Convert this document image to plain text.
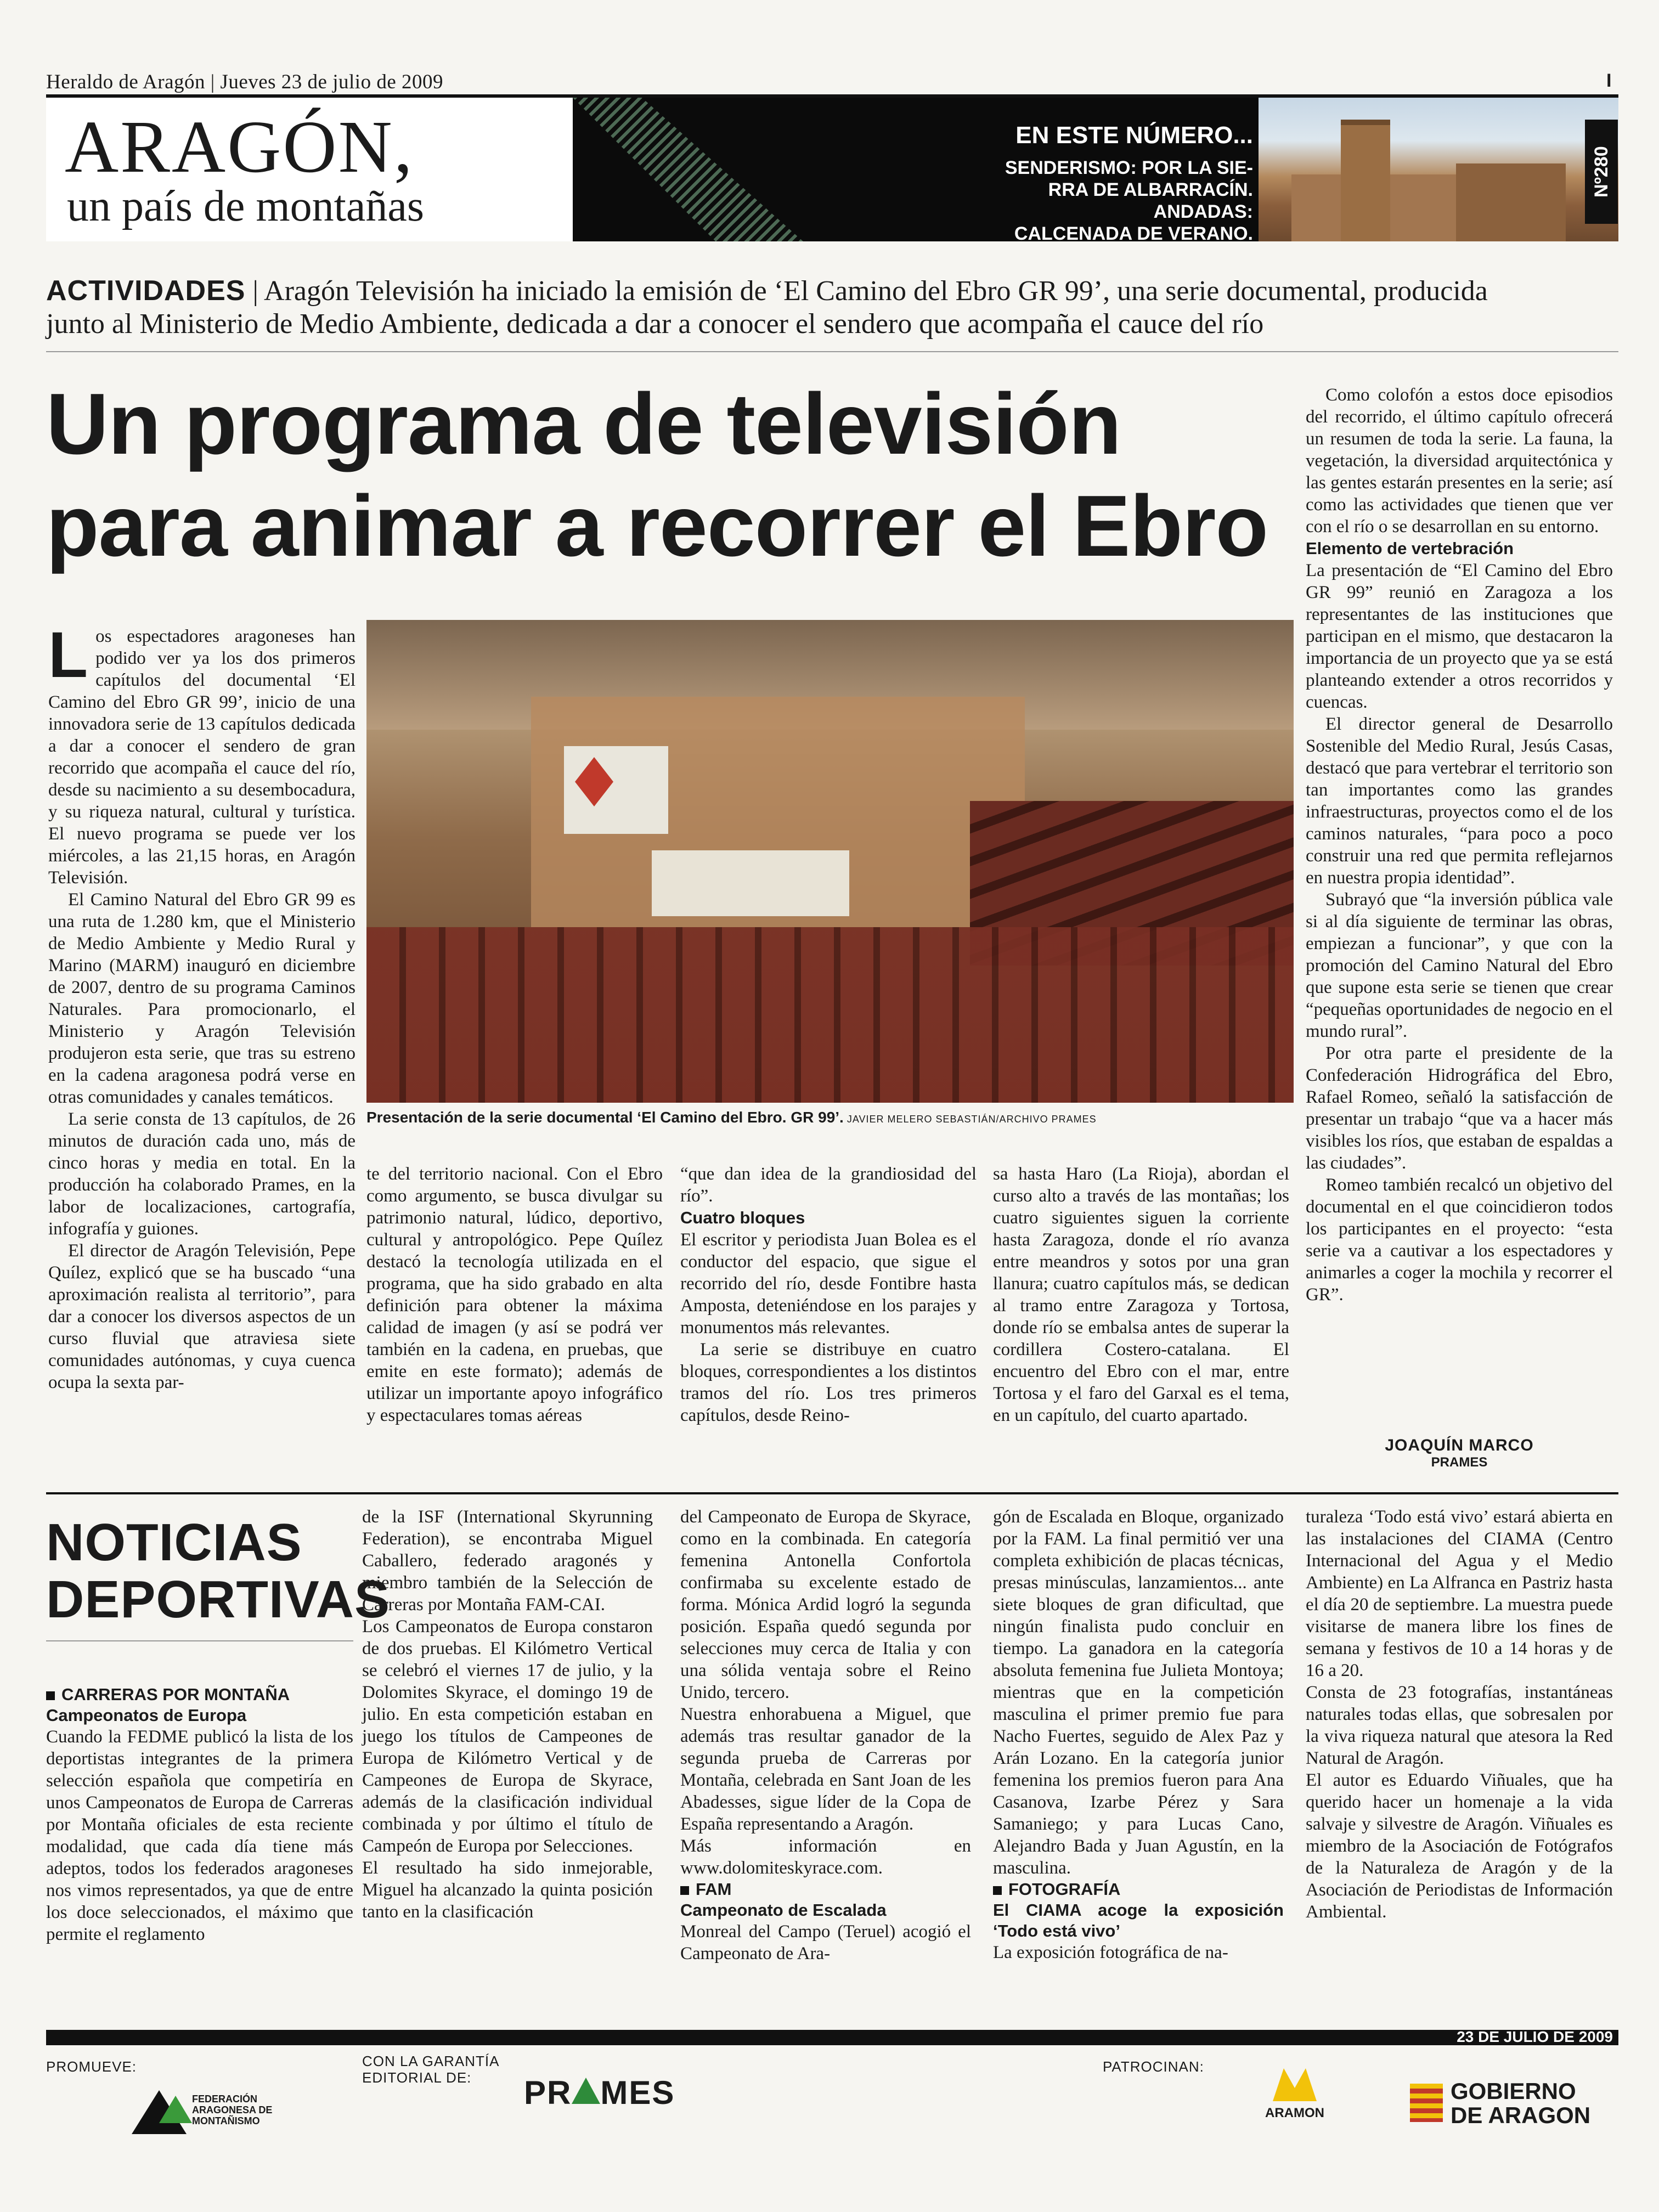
Heraldo de Aragón | Jueves 23 de julio de 2009	I
ARAGÓN,
un país de montañas
EN ESTE NÚMERO...
SENDERISMO: POR LA SIE-
RRA DE ALBARRACÍN.
ANDADAS:
CALCENADA DE VERANO.
Nº280
ACTIVIDADES | Aragón Televisión ha iniciado la emisión de ‘El Camino del Ebro GR 99’, una serie documental, producida junto al Ministerio de Medio Ambiente, dedicada a dar a conocer el sendero que acompaña el cauce del río
Un programa de televisión para animar a recorrer el Ebro

Como colofón a estos doce episodios del recorrido, el último capítulo ofrecerá un resumen de toda la serie. La fauna, la vegetación, la diversidad arquitectónica y las gentes estarán presentes en la serie; así como las actividades que tienen que ver con el río o se desarrollan en su entorno.

Elemento de vertebración

La presentación de “El Camino del Ebro GR 99” reunió en Zaragoza a los representantes de las instituciones que participan en el mismo, que destacaron la importancia de un proyecto que ya se está planteando extender a otros recorridos y cuencas.

El director general de Desarrollo Sostenible del Medio Rural, Jesús Casas, destacó que para vertebrar el territorio son tan importantes como las grandes infraestructuras, proyectos como el de los caminos naturales, “para poco a poco construir una red que permita reflejarnos en nuestra propia identidad”.

Subrayó que “la inversión pública vale si al día siguiente de terminar las obras, empiezan a funcionar”, y que con la promoción del Camino Natural del Ebro que supone esta serie se tienen que crear “pequeñas oportunidades de negocio en el mundo rural”.

Por otra parte el presidente de la Confederación Hidrográfica del Ebro, Rafael Romeo, señaló la satisfacción de presentar un trabajo “que va a hacer más visibles los ríos, que estaban de espaldas a las ciudades”.

Romeo también recalcó un objetivo del documental en el que coincidieron todos los participantes en el proyecto: “esta serie va a cautivar a los espectadores y animarles a coger la mochila y recorrer el GR”.

Los espectadores aragoneses han podido ver ya los dos primeros capítulos del documental ‘El Camino del Ebro GR 99’, inicio de una innovadora serie de 13 capítulos dedicada a dar a conocer el sendero de gran recorrido que acompaña el cauce del río, desde su nacimiento a su desembocadura, y su riqueza natural, cultural y turística. El nuevo programa se puede ver los miércoles, a las 21,15 horas, en Aragón Televisión.

El Camino Natural del Ebro GR 99 es una ruta de 1.280 km, que el Ministerio de Medio Ambiente y Medio Rural y Marino (MARM) inauguró en diciembre de 2007, dentro de su programa Caminos Naturales. Para promocionarlo, el Ministerio y Aragón Televisión produjeron esta serie, que tras su estreno en la cadena aragonesa podrá verse en otras comunidades y canales temáticos.

La serie consta de 13 capítulos, de 26 minutos de duración cada uno, más de cinco horas y media en total. En la producción ha colaborado Prames, en la labor de localizaciones, cartografía, infografía y guiones.

El director de Aragón Televisión, Pepe Quílez, explicó que se ha buscado “una aproximación realista al territorio”, para dar a conocer los diversos aspectos de un curso fluvial que atraviesa siete comunidades autónomas, y cuya cuenca ocupa la sexta par-

Presentación de la serie documental ‘El Camino del Ebro. GR 99’. JAVIER MELERO SEBASTIÁN/ARCHIVO PRAMES

te del territorio nacional. Con el Ebro como argumento, se busca divulgar su patrimonio natural, lúdico, deportivo, cultural y antropológico. Pepe Quílez destacó la tecnología utilizada en el programa, que ha sido grabado en alta definición para obtener la máxima calidad de imagen (y así se podrá ver también en la cadena, en pruebas, que emite en este formato); además de utilizar un importante apoyo infográfico y espectaculares tomas aéreas

“que dan idea de la grandiosidad del río”.

Cuatro bloques

El escritor y periodista Juan Bolea es el conductor del espacio, que sigue el recorrido del río, desde Fontibre hasta Amposta, deteniéndose en los parajes y monumentos más relevantes.

La serie se distribuye en cuatro bloques, correspondientes a los distintos tramos del río. Los tres primeros capítulos, desde Reino-

sa hasta Haro (La Rioja), abordan el curso alto a través de las montañas; los cuatro siguientes siguen la corriente hasta Zaragoza, donde el río avanza entre meandros y sotos por una gran llanura; cuatro capítulos más, se dedican al tramo entre Zaragoza y Tortosa, donde río se embalsa antes de superar la cordillera Costero-catalana. El encuentro del Ebro con el mar, entre Tortosa y el faro del Garxal es el tema, en un capítulo, del cuarto apartado.

JOAQUÍN MARCO
PRAMES
NOTICIAS
DEPORTIVAS
CARRERAS POR MONTAÑA
Campeonatos de Europa

Cuando la FEDME publicó la lista de los deportistas integrantes de la primera selección española que competiría en unos Campeonatos de Europa de Carreras por Montaña oficiales de esta reciente modalidad, que cada día tiene más adeptos, todos los federados aragoneses nos vimos representados, ya que de entre los doce seleccionados, el máximo que permite el reglamento

de la ISF (International Skyrunning Federation), se encontraba Miguel Caballero, federado aragonés y miembro también de la Selección de Carreras por Montaña FAM-CAI.

Los Campeonatos de Europa constaron de dos pruebas. El Kilómetro Vertical se celebró el viernes 17 de julio, y la Dolomites Skyrace, el domingo 19 de julio. En esta competición estaban en juego los títulos de Campeones de Europa de Kilómetro Vertical y de Campeones de Europa de Skyrace, además de la clasificación individual combinada y por último el título de Campeón de Europa por Selecciones.

El resultado ha sido inmejorable, Miguel ha alcanzado la quinta posición tanto en la clasificación

del Campeonato de Europa de Skyrace, como en la combinada. En categoría femenina Antonella Confortola confirmaba su excelente estado de forma. Mónica Ardid logró la segunda posición. España quedó segunda por selecciones muy cerca de Italia y con una sólida ventaja sobre el Reino Unido, tercero.

Nuestra enhorabuena a Miguel, que además tras resultar ganador de la segunda prueba de Carreras por Montaña, celebrada en Sant Joan de les Abadesses, sigue líder de la Copa de España representando a Aragón.

Más información en www.dolomiteskyrace.com.

FAM
Campeonato de Escalada

Monreal del Campo (Teruel) acogió el Campeonato de Ara-

gón de Escalada en Bloque, organizado por la FAM. La final permitió ver una completa exhibición de placas técnicas, presas minúsculas, lanzamientos... ante siete bloques de gran dificultad, que ningún finalista pudo concluir en tiempo. La ganadora en la categoría absoluta femenina fue Julieta Montoya; mientras que en la competición masculina el primer premio fue para Nacho Fuertes, seguido de Alex Paz y Arán Lozano. En la categoría junior femenina los premios fueron para Ana Casanova, Izarbe Pérez y Sara Samaniego; y para Lucas Cano, Alejandro Bada y Juan Agustín, en la masculina.

FOTOGRAFÍA
El CIAMA acoge la exposición ‘Todo está vivo’

La exposición fotográfica de na-

turaleza ‘Todo está vivo’ estará abierta en las instalaciones del CIAMA (Centro Internacional del Agua y el Medio Ambiente) en La Alfranca en Pastriz hasta el día 20 de septiembre. La muestra puede visitarse de manera libre los fines de semana y festivos de 10 a 14 horas y de 16 a 20.

Consta de 23 fotografías, instantáneas naturales todas ellas, que sobresalen por la viva riqueza natural que atesora la Red Natural de Aragón.

El autor es Eduardo Viñuales, que ha querido hacer un homenaje a la vida salvaje y silvestre de Aragón. Viñuales es miembro de la Asociación de Fotógrafos de la Naturaleza de Aragón y de la Asociación de Periodistas de Información Ambiental.

23 DE JULIO DE 2009
PROMUEVE:	CON LA GARANTÍA EDITORIAL DE:
PATROCINAN:
FEDERACIÓN ARAGONESA DE MONTAÑISMO
PR MES
ARAMON
GOBIERNO
DE ARAGON
